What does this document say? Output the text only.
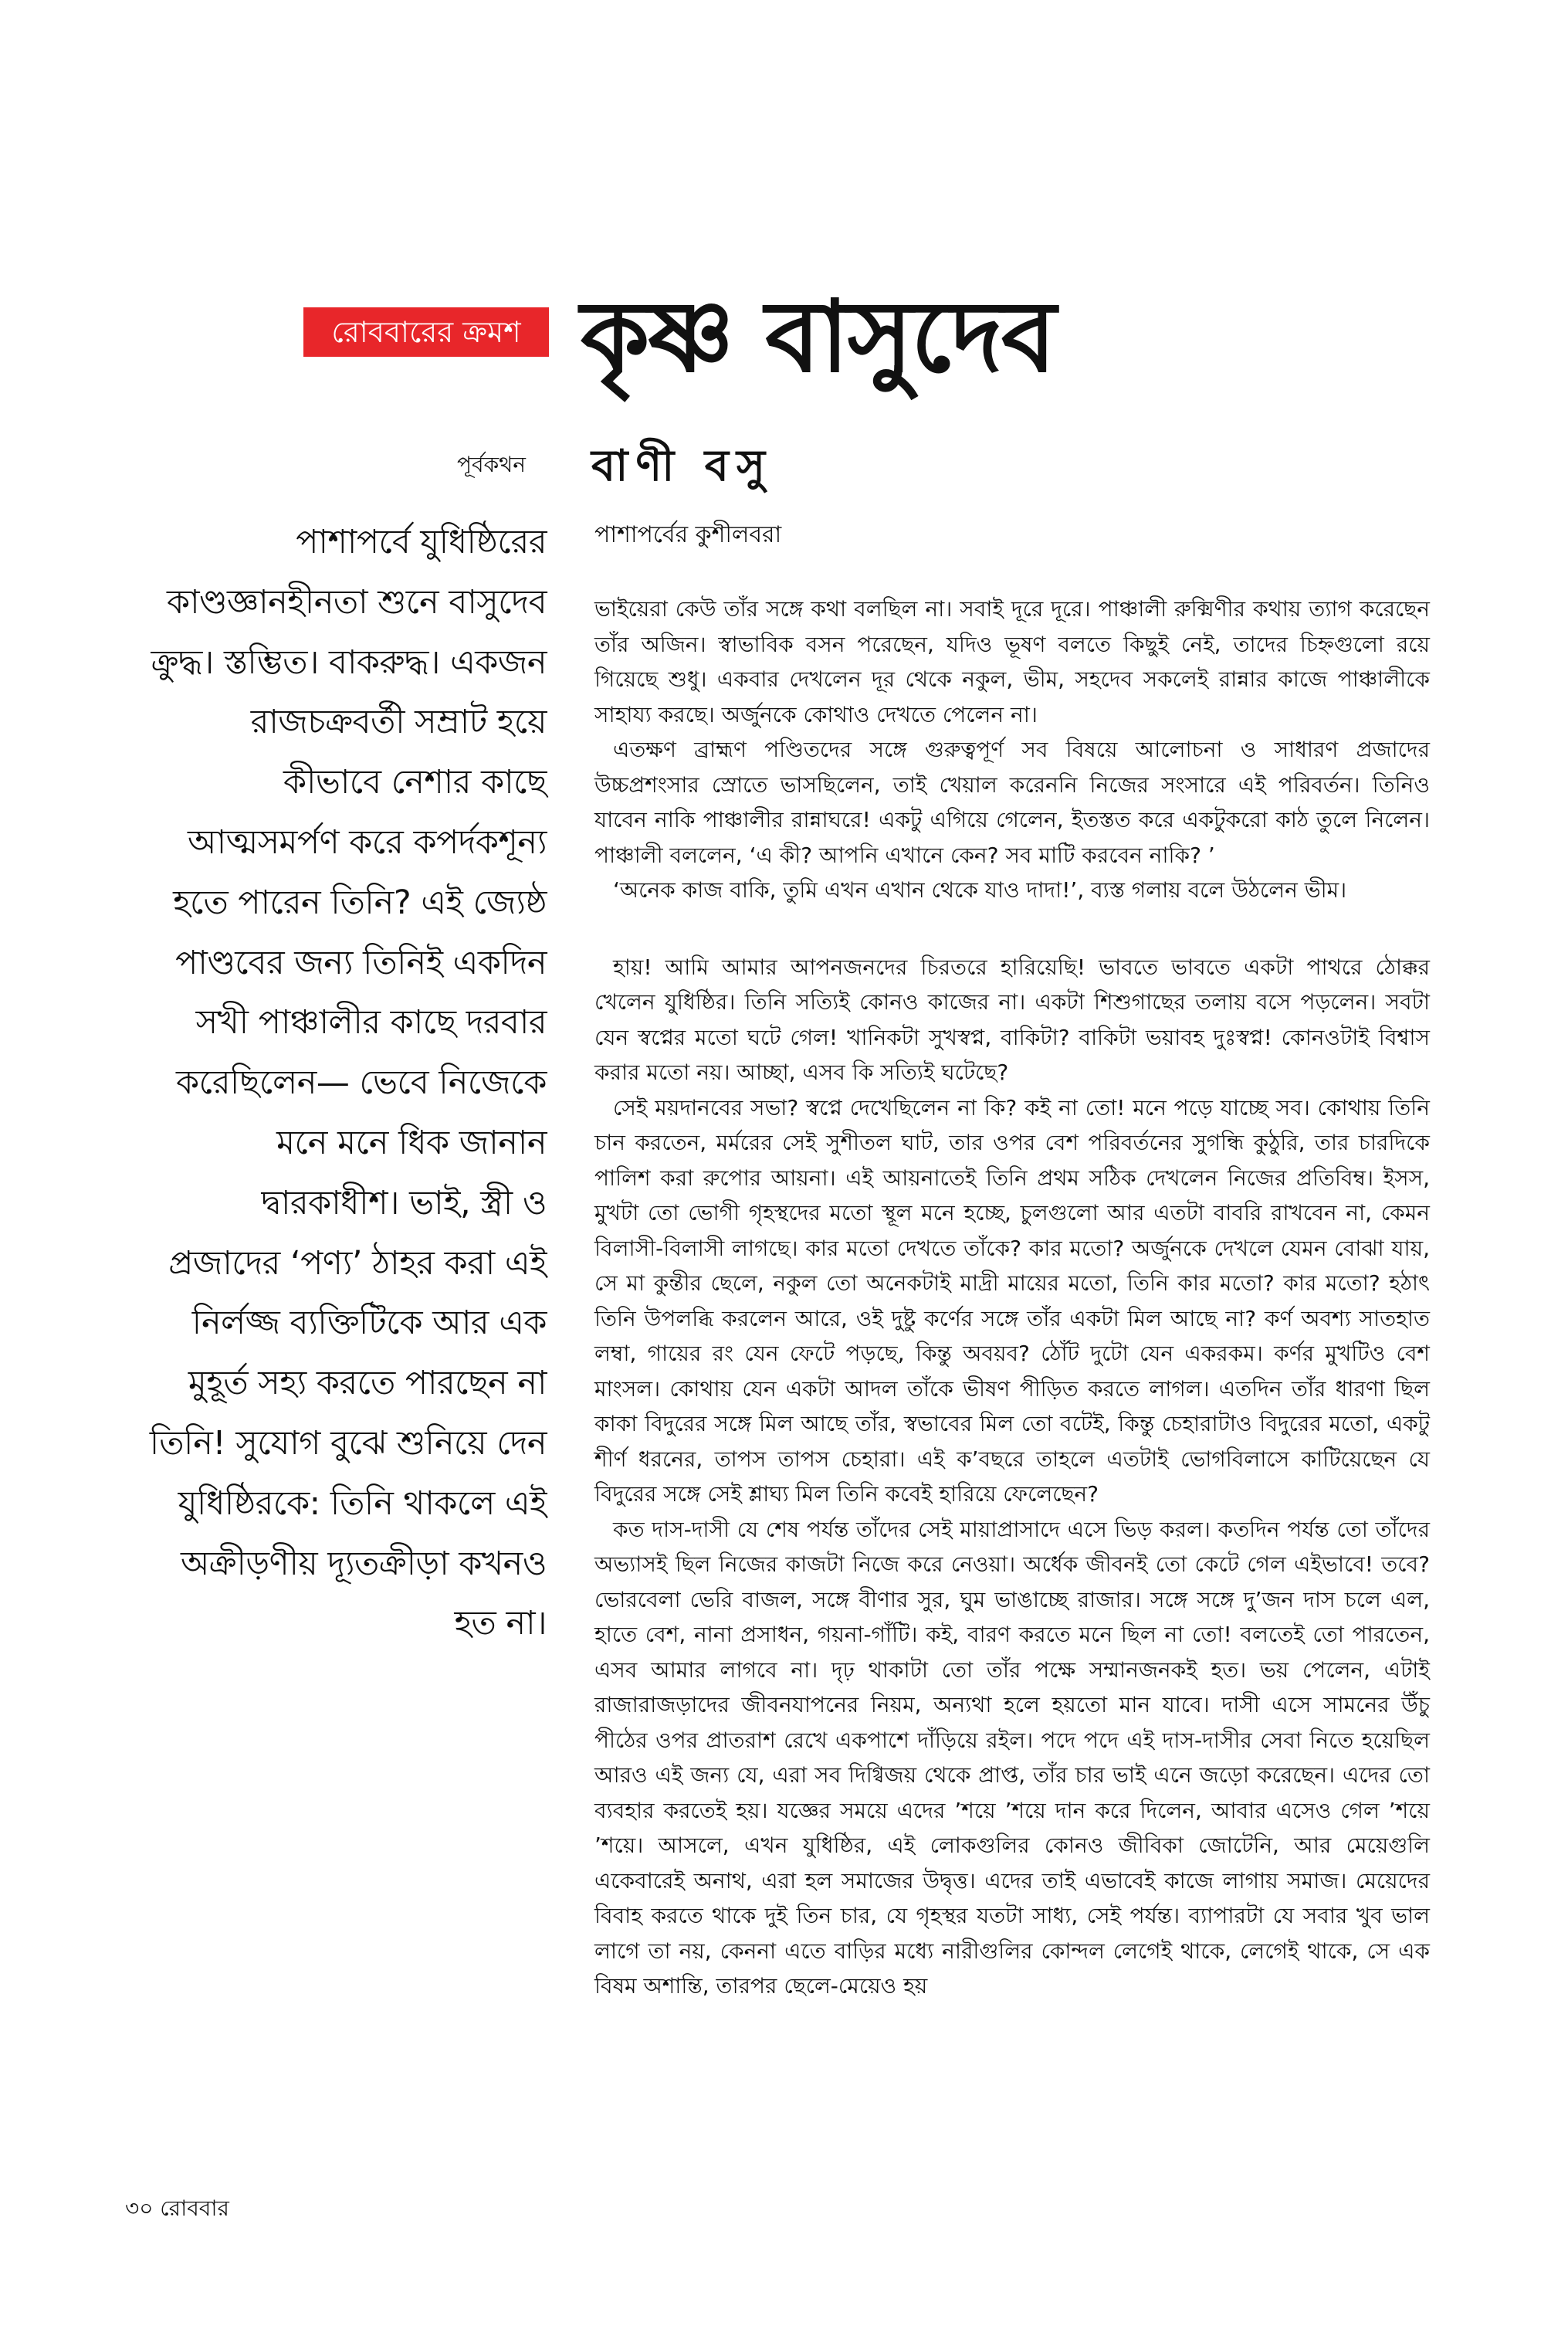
রোববারের ক্রমশ কৃষ্ণ বাসুদেব
পূর্বকথন বাণী বসু
পাশাপর্বের কুশীলবরা
পাশাপর্বে যুধিষ্ঠিরের কাণ্ডজ্ঞানহীনতা শুনে বাসুদেব ক্রুদ্ধ। স্তম্ভিত। বাকরুদ্ধ। একজন রাজচক্রবর্তী সম্রাট হয়ে কীভাবে নেশার কাছে আত্মসমর্পণ করে কপর্দকশূন্য হতে পারেন তিনি? এই জ্যেষ্ঠ পাণ্ডবের জন্য তিনিই একদিন সখী পাঞ্চালীর কাছে দরবার করেছিলেন— ভেবে নিজেকে মনে মনে ধিক জানান দ্বারকাধীশ। ভাই, স্ত্রী ও প্রজাদের ‘পণ্য’ ঠাহর করা এই নির্লজ্জ ব্যক্তিটিকে আর এক মুহূর্ত সহ্য করতে পারছেন না তিনি! সুযোগ বুঝে শুনিয়ে দেন যুধিষ্ঠিরকে: তিনি থাকলে এই অক্রীড়ণীয় দ্যূতক্রীড়া কখনও হত না।

ভাইয়েরা কেউ তাঁর সঙ্গে কথা বলছিল না। সবাই দূরে দূরে। পাঞ্চালী রুক্মিণীর কথায় ত্যাগ করেছেন তাঁর অজিন। স্বাভাবিক বসন পরেছেন, যদিও ভূষণ বলতে কিছুই নেই, তাদের চিহ্নগুলো রয়ে গিয়েছে শুধু। একবার দেখলেন দূর থেকে নকুল, ভীম, সহদেব সকলেই রান্নার কাজে পাঞ্চালীকে সাহায্য করছে। অর্জুনকে কোথাও দেখতে পেলেন না।

এতক্ষণ ব্রাহ্মণ পণ্ডিতদের সঙ্গে গুরুত্বপূর্ণ সব বিষয়ে আলোচনা ও সাধারণ প্রজাদের উচ্চপ্রশংসার স্রোতে ভাসছিলেন, তাই খেয়াল করেননি নিজের সংসারে এই পরিবর্তন। তিনিও যাবেন নাকি পাঞ্চালীর রান্নাঘরে! একটু এগিয়ে গেলেন, ইতস্তত করে একটুকরো কাঠ তুলে নিলেন। পাঞ্চালী বললেন, ‘এ কী? আপনি এখানে কেন? সব মাটি করবেন নাকি? ’

‘অনেক কাজ বাকি, তুমি এখন এখান থেকে যাও দাদা!’, ব্যস্ত গলায় বলে উঠলেন ভীম।

হায়! আমি আমার আপনজনদের চিরতরে হারিয়েছি! ভাবতে ভাবতে একটা পাথরে ঠোক্কর খেলেন যুধিষ্ঠির। তিনি সত্যিই কোনও কাজের না। একটা শিশুগাছের তলায় বসে পড়লেন। সবটা যেন স্বপ্নের মতো ঘটে গেল! খানিকটা সুখস্বপ্ন, বাকিটা? বাকিটা ভয়াবহ দুঃস্বপ্ন! কোনওটাই বিশ্বাস করার মতো নয়। আচ্ছা, এসব কি সত্যিই ঘটেছে?

সেই ময়দানবের সভা? স্বপ্নে দেখেছিলেন না কি? কই না তো! মনে পড়ে যাচ্ছে সব। কোথায় তিনি চান করতেন, মর্মরের সেই সুশীতল ঘাট, তার ওপর বেশ পরিবর্তনের সুগন্ধি কুঠুরি, তার চারদিকে পালিশ করা রুপোর আয়না। এই আয়নাতেই তিনি প্রথম সঠিক দেখলেন নিজের প্রতিবিম্ব। ইসস, মুখটা তো ভোগী গৃহস্থদের মতো স্থূল মনে হচ্ছে, চুলগুলো আর এতটা বাবরি রাখবেন না, কেমন বিলাসী-বিলাসী লাগছে। কার মতো দেখতে তাঁকে? কার মতো? অর্জুনকে দেখলে যেমন বোঝা যায়, সে মা কুন্তীর ছেলে, নকুল তো অনেকটাই মাদ্রী মায়ের মতো, তিনি কার মতো? কার মতো? হঠাৎ তিনি উপলব্ধি করলেন আরে, ওই দুষ্টু কর্ণের সঙ্গে তাঁর একটা মিল আছে না? কর্ণ অবশ্য সাতহাত লম্বা, গায়ের রং যেন ফেটে পড়ছে, কিন্তু অবয়ব? ঠোঁট দুটো যেন একরকম। কর্ণর মুখটিও বেশ মাংসল। কোথায় যেন একটা আদল তাঁকে ভীষণ পীড়িত করতে লাগল। এতদিন তাঁর ধারণা ছিল কাকা বিদুরের সঙ্গে মিল আছে তাঁর, স্বভাবের মিল তো বটেই, কিন্তু চেহারাটাও বিদুরের মতো, একটু শীর্ণ ধরনের, তাপস তাপস চেহারা। এই ক’বছরে তাহলে এতটাই ভোগবিলাসে কাটিয়েছেন যে বিদুরের সঙ্গে সেই শ্লাঘ্য মিল তিনি কবেই হারিয়ে ফেলেছেন?

কত দাস-দাসী যে শেষ পর্যন্ত তাঁদের সেই মায়াপ্রাসাদে এসে ভিড় করল। কতদিন পর্যন্ত তো তাঁদের অভ্যাসই ছিল নিজের কাজটা নিজে করে নেওয়া। অর্ধেক জীবনই তো কেটে গেল এইভাবে! তবে? ভোরবেলা ভেরি বাজল, সঙ্গে বীণার সুর, ঘুম ভাঙাচ্ছে রাজার। সঙ্গে সঙ্গে দু’জন দাস চলে এল, হাতে বেশ, নানা প্রসাধন, গয়না-গাঁটি। কই, বারণ করতে মনে ছিল না তো! বলতেই তো পারতেন, এসব আমার লাগবে না। দৃঢ় থাকাটা তো তাঁর পক্ষে সম্মানজনকই হত। ভয় পেলেন, এটাই রাজারাজড়াদের জীবনযাপনের নিয়ম, অন্যথা হলে হয়তো মান যাবে। দাসী এসে সামনের উঁচু পীঠের ওপর প্রাতরাশ রেখে একপাশে দাঁড়িয়ে রইল। পদে পদে এই দাস-দাসীর সেবা নিতে হয়েছিল আরও এই জন্য যে, এরা সব দিগ্বিজয় থেকে প্রাপ্ত, তাঁর চার ভাই এনে জড়ো করেছেন। এদের তো ব্যবহার করতেই হয়। যজ্ঞের সময়ে এদের ’শয়ে ’শয়ে দান করে দিলেন, আবার এসেও গেল ’শয়ে ’শয়ে। আসলে, এখন যুধিষ্ঠির, এই লোকগুলির কোনও জীবিকা জোটেনি, আর মেয়েগুলি একেবারেই অনাথ, এরা হল সমাজের উদ্বৃত্ত। এদের তাই এভাবেই কাজে লাগায় সমাজ। মেয়েদের বিবাহ করতে থাকে দুই তিন চার, যে গৃহস্থর যতটা সাধ্য, সেই পর্যন্ত। ব্যাপারটা যে সবার খুব ভাল লাগে তা নয়, কেননা এতে বাড়ির মধ্যে নারীগুলির কোন্দল লেগেই থাকে, লেগেই থাকে, সে এক বিষম অশান্তি, তারপর ছেলে-মেয়েও হয়

৩০ রোববার
